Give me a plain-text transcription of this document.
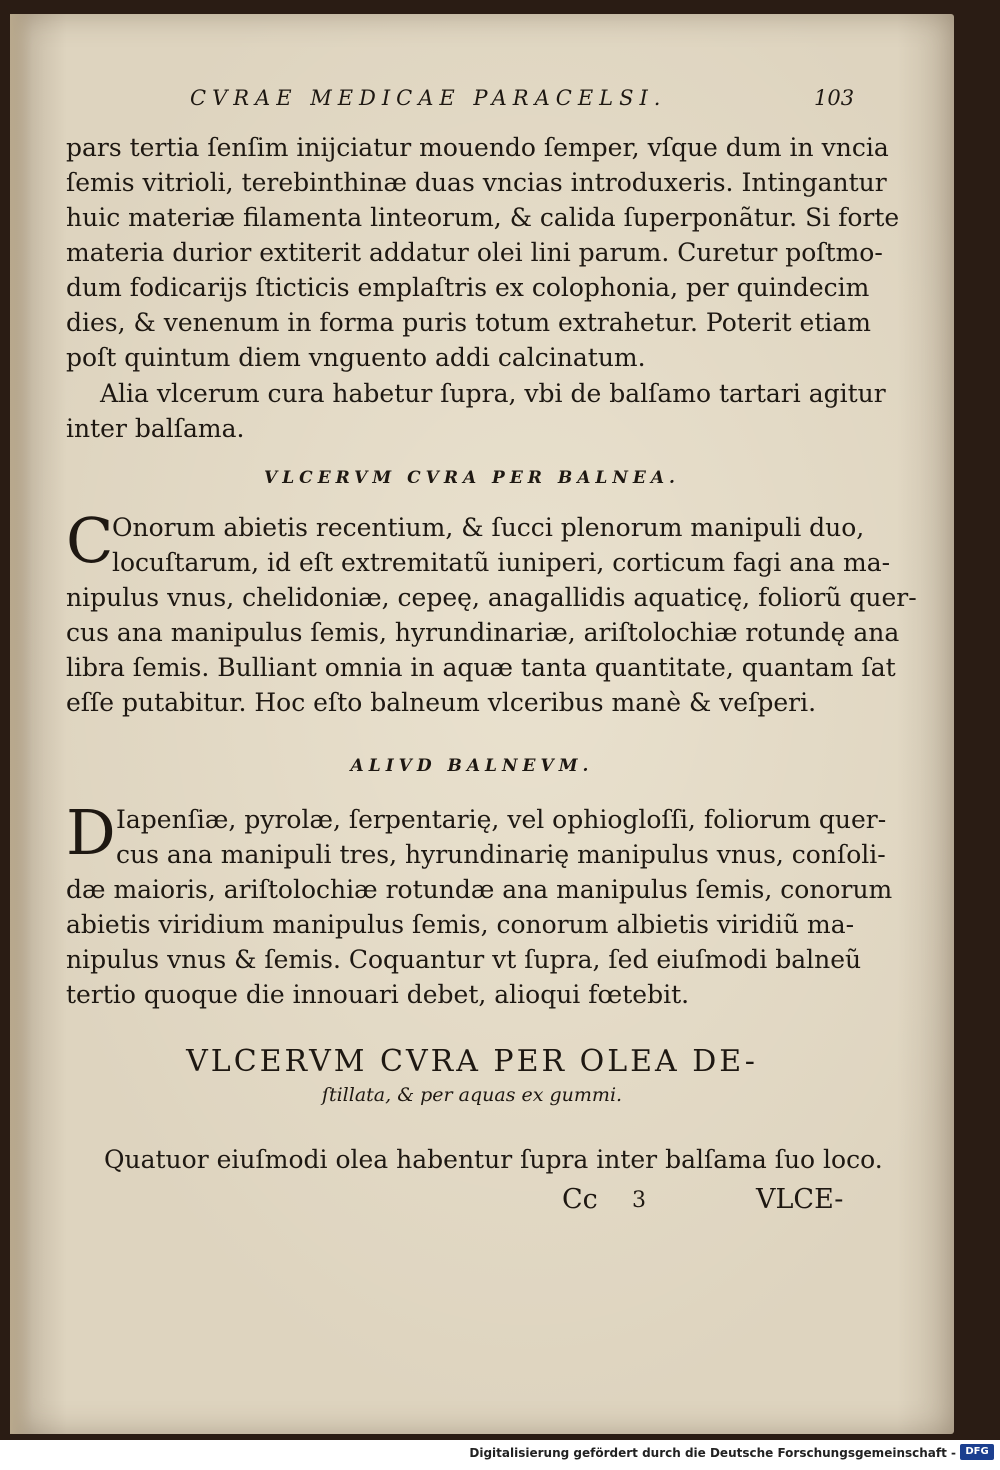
CVRAE MEDICAE PARACELSI.	103
pars tertia ſenſim inijciatur mouendo ſemper, vſque dum in vncia
ſemis vitrioli, terebinthinæ duas vncias introduxeris. Intingantur
huic materiæ filamenta linteorum, & calida ſuperponãtur. Si forte
materia durior extiterit addatur olei lini parum. Curetur poſtmo-
dum fodicarijs ſticticis emplaſtris ex colophonia, per quindecim
dies, & venenum in forma puris totum extrahetur. Poterit etiam
poſt quintum diem vnguento addi calcinatum.
Alia vlcerum cura habetur ſupra, vbi de balſamo tartari agitur
inter balſama.
VLCERVM CVRA PER BALNEA.
C
Onorum abietis recentium, & ſucci plenorum manipuli duo,
locuſtarum, id eſt extremitatũ iuniperi, corticum fagi ana ma-
nipulus vnus, chelidoniæ, cepeę, anagallidis aquaticę, foliorũ quer-
cus ana manipulus ſemis, hyrundinariæ, ariſtolochiæ rotundę ana
libra ſemis. Bulliant omnia in aquæ tanta quantitate, quantam ſat
eſſe putabitur. Hoc eſto balneum vlceribus manè & veſperi.
ALIVD BALNEVM.
D Iapenſiæ, pyrolæ, ſerpentarię, vel ophiogloſſi, foliorum quer-
cus ana manipuli tres, hyrundinarię manipulus vnus, conſoli-
dæ maioris, ariſtolochiæ rotundæ ana manipulus ſemis, conorum
abietis viridium manipulus ſemis, conorum albietis viridiũ ma-
nipulus vnus & ſemis. Coquantur vt ſupra, ſed eiuſmodi balneũ
tertio quoque die innouari debet, alioqui fœtebit.
VLCERVM CVRA PER OLEA DE-
ſtillata, & per aquas ex gummi.
Quatuor eiuſmodi olea habentur ſupra inter balſama ſuo loco.
Cc 3	VLCE-
Digitalisierung gefördert durch die Deutsche Forschungsgemeinschaft - DFG
